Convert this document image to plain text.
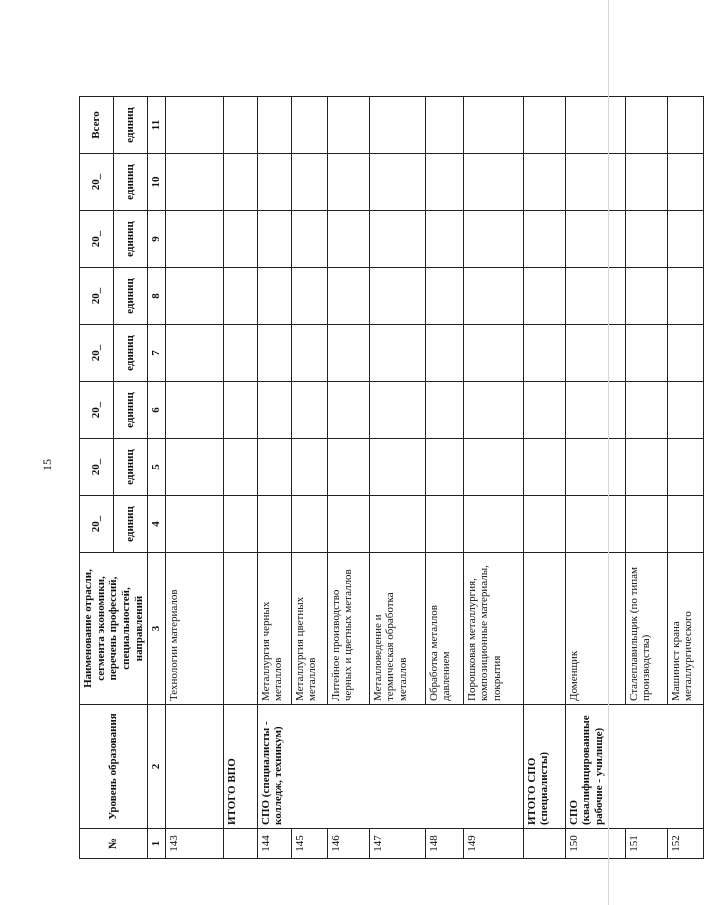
15
№	Уровень образования	Наименование отрасли, сегмента экономики, перечень профессий, специальностей, направлений	20_	20_	20_	20_	20_	20_	20_	Всего
			единиц	единиц	единиц	единиц	единиц	единиц	единиц	единиц
1	2	3	4	5	6	7	8	9	10	11
143		Технологии материалов								
	ИТОГО ВПО									
144	СПО (специалисты - колледж, техникум)	Металлургия черных металлов								
145		Металлургия цветных металлов								
146		Литейное производство черных и цветных металлов								
147		Металловедение и термическая обработка металлов								
148		Обработка металлов давлением								
149		Порошковая металлургия, композиционные материалы, покрытия								
	ИТОГО СПО (специалисты)									
150	СПО (квалифицированные рабочие - училище)	Доменщик								
151		Сталеплавильщик (по типам производства)								
152		Машинист крана металлургического								
